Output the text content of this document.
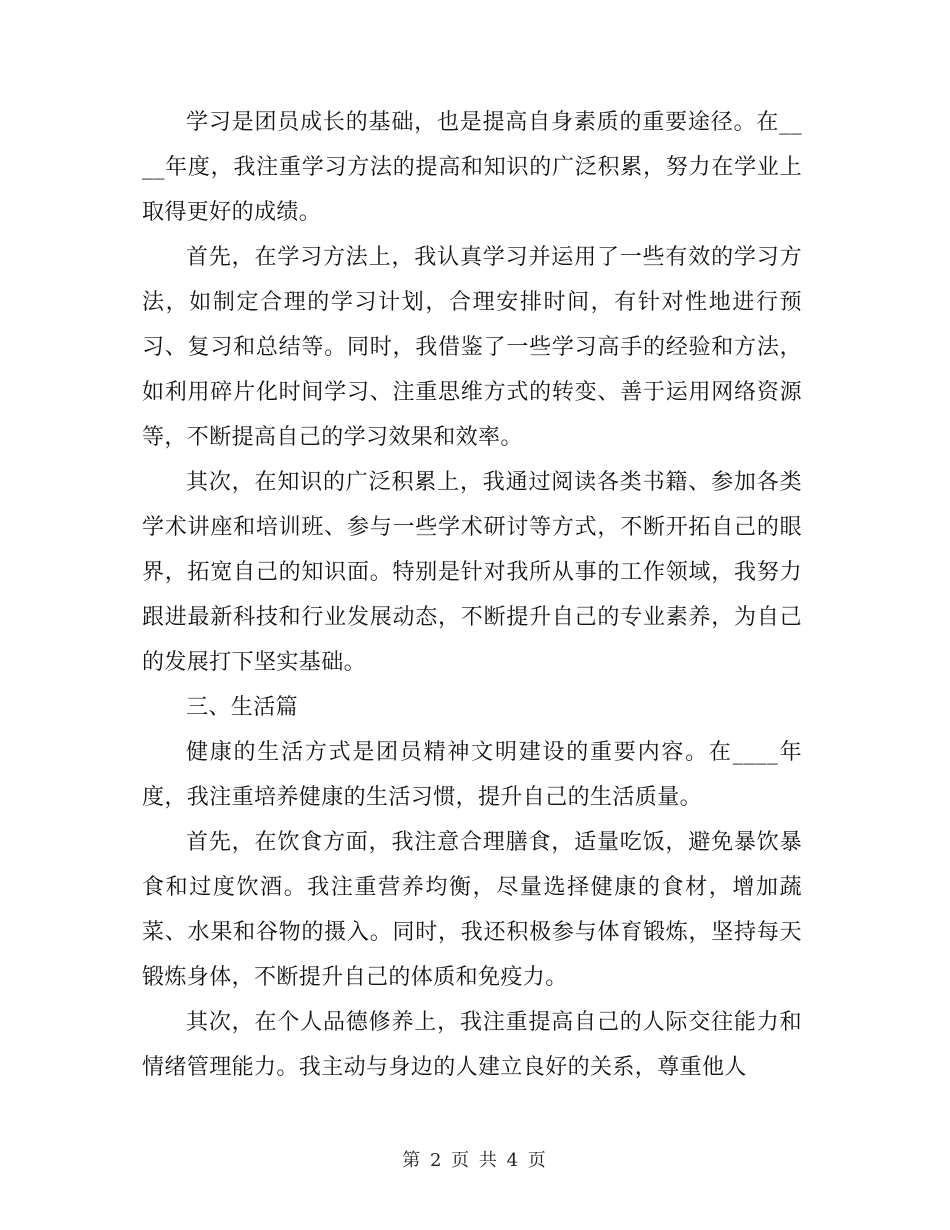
学习是团员成长的基础，也是提高自身素质的重要途径。在____年度，我注重学习方法的提高和知识的广泛积累，努力在学业上取得更好的成绩。

首先，在学习方法上，我认真学习并运用了一些有效的学习方法，如制定合理的学习计划，合理安排时间，有针对性地进行预习、复习和总结等。同时，我借鉴了一些学习高手的经验和方法，如利用碎片化时间学习、注重思维方式的转变、善于运用网络资源等，不断提高自己的学习效果和效率。

其次，在知识的广泛积累上，我通过阅读各类书籍、参加各类学术讲座和培训班、参与一些学术研讨等方式，不断开拓自己的眼界，拓宽自己的知识面。特别是针对我所从事的工作领域，我努力跟进最新科技和行业发展动态，不断提升自己的专业素养，为自己的发展打下坚实基础。

三、生活篇

健康的生活方式是团员精神文明建设的重要内容。在____年度，我注重培养健康的生活习惯，提升自己的生活质量。

首先，在饮食方面，我注意合理膳食，适量吃饭，避免暴饮暴食和过度饮酒。我注重营养均衡，尽量选择健康的食材，增加蔬菜、水果和谷物的摄入。同时，我还积极参与体育锻炼，坚持每天锻炼身体，不断提升自己的体质和免疫力。

其次，在个人品德修养上，我注重提高自己的人际交往能力和情绪管理能力。我主动与身边的人建立良好的关系，尊重他人

第 2 页 共 4 页
